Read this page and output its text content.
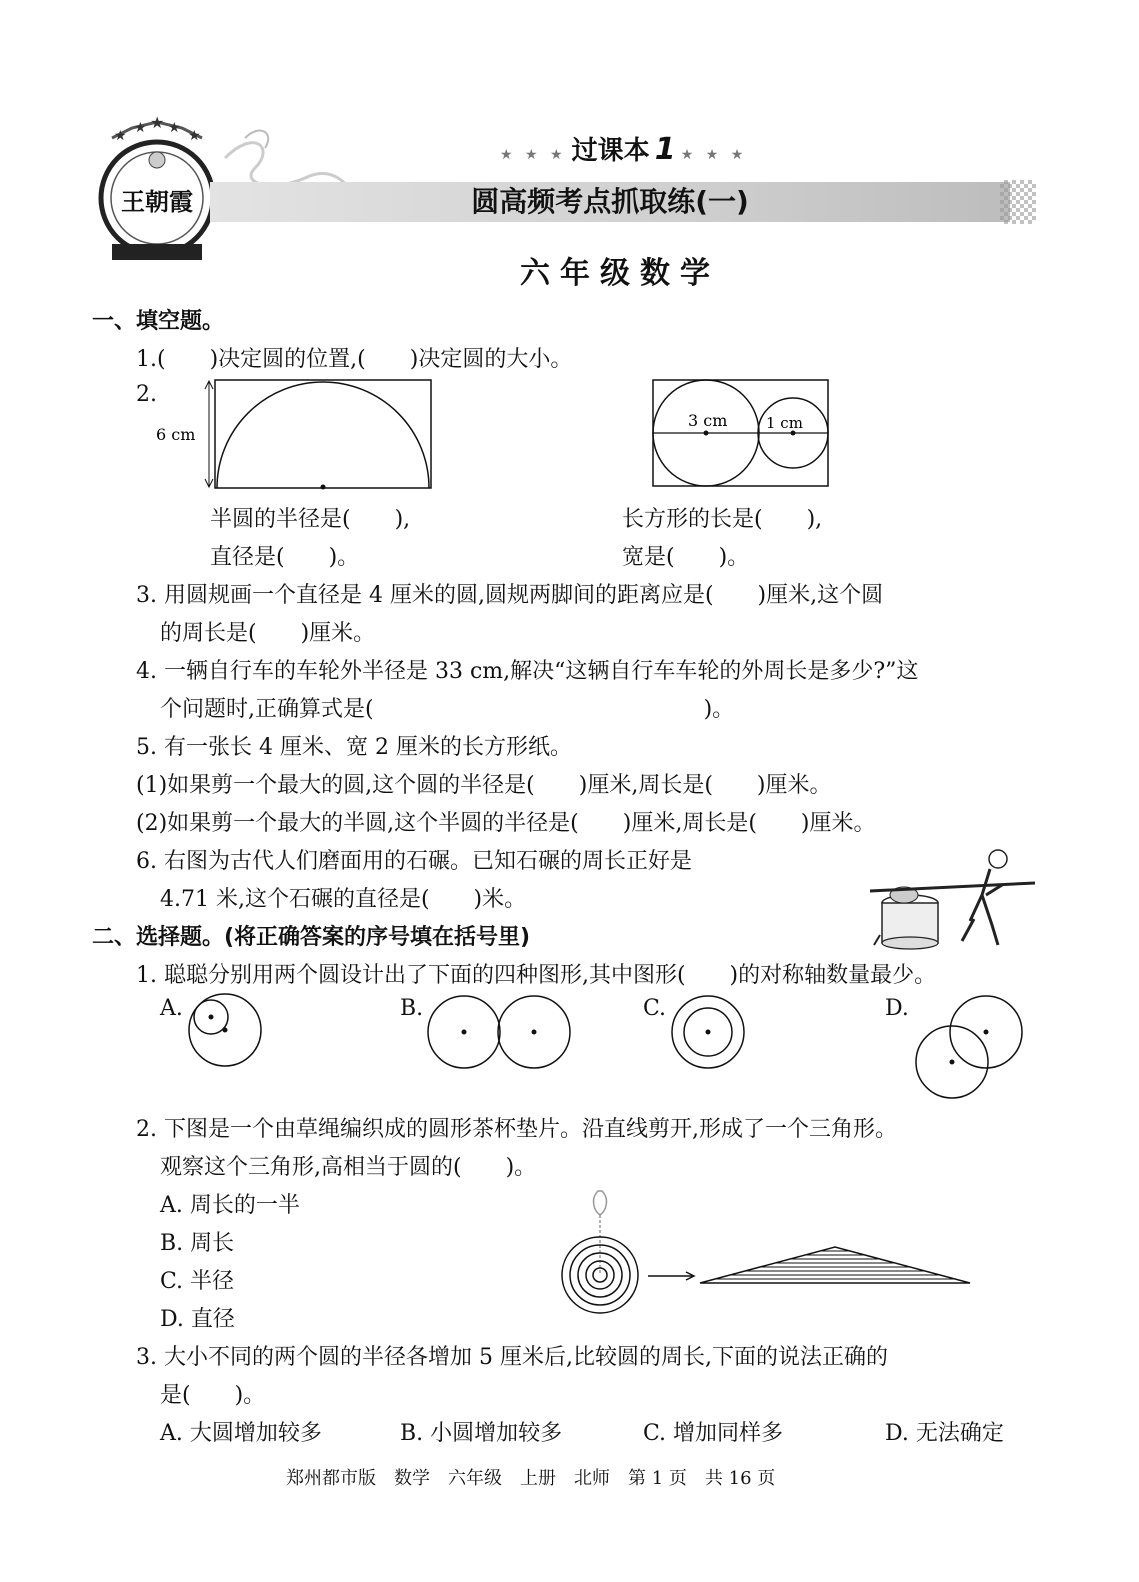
★ ★ ★ ★ ★
王朝霞
★ ★ ★ 过课本 1 ★ ★ ★
圆高频考点抓取练(一)
六年级数学
一、填空题。
1.(　　)决定圆的位置,(　　)决定圆的大小。
2.
6 cm
3 cm	1 cm
半圆的半径是(　　),
直径是(　　)。
长方形的长是(　　),
宽是(　　)。
3. 用圆规画一个直径是 4 厘米的圆,圆规两脚间的距离应是(　　)厘米,这个圆
的周长是(　　)厘米。
4. 一辆自行车的车轮外半径是 33 cm,解决“这辆自行车车轮的外周长是多少?”这
个问题时,正确算式是(　　　　　　　　　　　　　　　)。
5. 有一张长 4 厘米、宽 2 厘米的长方形纸。
(1)如果剪一个最大的圆,这个圆的半径是(　　)厘米,周长是(　　)厘米。
(2)如果剪一个最大的半圆,这个半圆的半径是(　　)厘米,周长是(　　)厘米。
6. 右图为古代人们磨面用的石碾。已知石碾的周长正好是
4.71 米,这个石碾的直径是(　　)米。
二、选择题。(将正确答案的序号填在括号里)
1. 聪聪分别用两个圆设计出了下面的四种图形,其中图形(　　)的对称轴数量最少。
A.	B.	C.	D.
2. 下图是一个由草绳编织成的圆形茶杯垫片。沿直线剪开,形成了一个三角形。
观察这个三角形,高相当于圆的(　　)。
A. 周长的一半
B. 周长
C. 半径
D. 直径
3. 大小不同的两个圆的半径各增加 5 厘米后,比较圆的周长,下面的说法正确的
是(　　)。
A. 大圆增加较多	B. 小圆增加较多	C. 增加同样多	D. 无法确定
郑州都市版　数学　六年级　上册　北师　第 1 页　共 16 页
